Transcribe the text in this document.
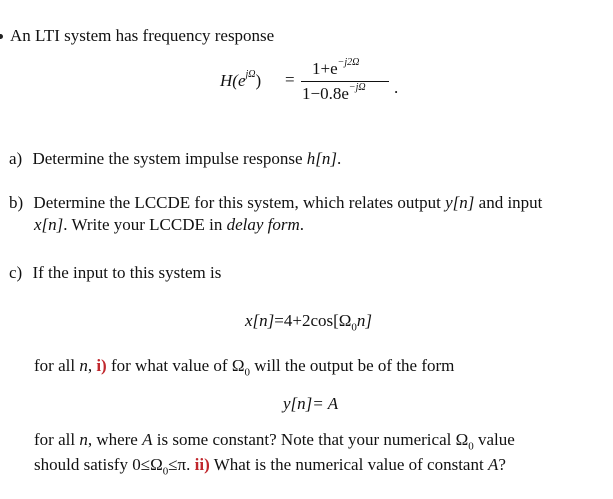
An LTI system has frequency response
$H(e^{j\Omega})$ =
$1+e^{-j2\Omega}$
$1-0.8e^{-j\Omega}$ .
a) Determine the system impulse response h[n].
b) Determine the LCCDE for this system, which relates output y[n] and input
x[n]. Write your LCCDE in delay form.
c) If the input to this system is
$x[n]=4+2\cos[\Omega_0n]$
for all n, i) for what value of $\Omega_0$ will the output be of the form
y[n]= A
for all n, where A is some constant? Note that your numerical $\Omega_0$ value
should satisfy $0\le\Omega_0\le\pi$. ii) What is the numerical value of constant A?
